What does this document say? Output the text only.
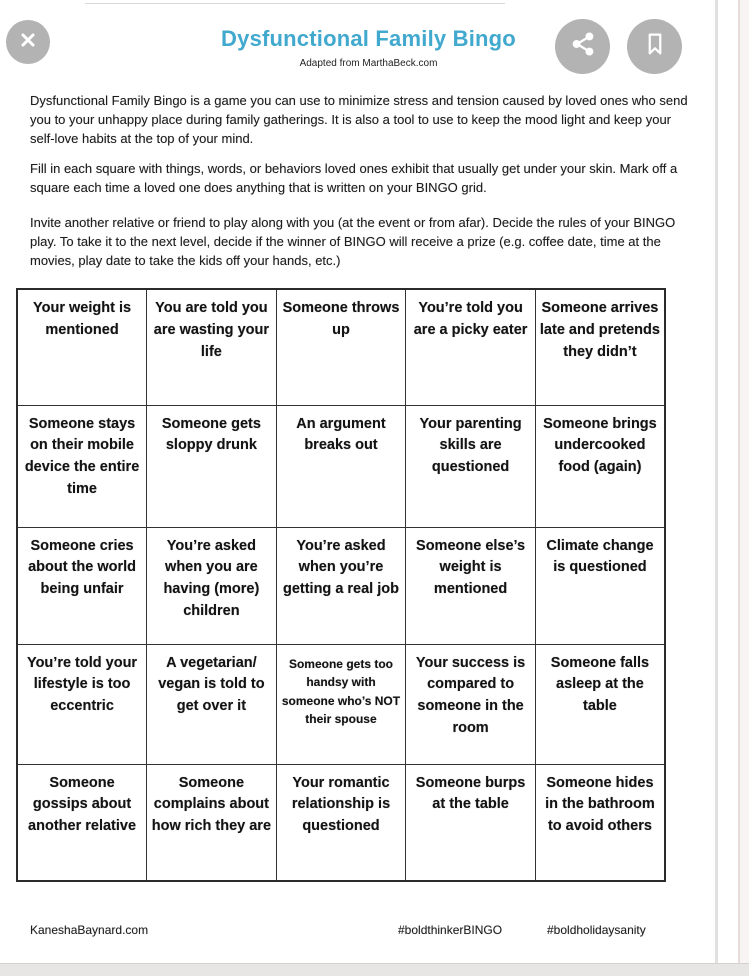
Dysfunctional Family Bingo
Adapted from MarthaBeck.com

Dysfunctional Family Bingo is a game you can use to minimize stress and tension caused by loved ones who send you to your unhappy place during family gatherings. It is also a tool to use to keep the mood light and keep your self-love habits at the top of your mind.

Fill in each square with things, words, or behaviors loved ones exhibit that usually get under your skin. Mark off a square each time a loved one does anything that is written on your BINGO grid.

Invite another relative or friend to play along with you (at the event or from afar). Decide the rules of your BINGO play. To take it to the next level, decide if the winner of BINGO will receive a prize (e.g. coffee date, time at the movies, play date to take the kids off your hands, etc.)

Your weight is mentioned	You are told you are wasting your life	Someone throws up	You’re told you are a picky eater	Someone arrives late and pretends they didn’t
Someone stays on their mobile device the entire time	Someone gets sloppy drunk	An argument breaks out	Your parenting skills are questioned	Someone brings undercooked food (again)
Someone cries about the world being unfair	You’re asked when you are having (more) children	You’re asked when you’re getting a real job	Someone else’s weight is mentioned	Climate change is questioned
You’re told your lifestyle is too eccentric	A vegetarian/ vegan is told to get over it	Someone gets too handsy with someone who’s NOT their spouse	Your success is compared to someone in the room	Someone falls asleep at the table
Someone gossips about another relative	Someone complains about how rich they are	Your romantic relationship is questioned	Someone burps at the table	Someone hides in the bathroom to avoid others
KaneshaBaynard.com	#boldthinkerBINGO	#boldholidaysanity
